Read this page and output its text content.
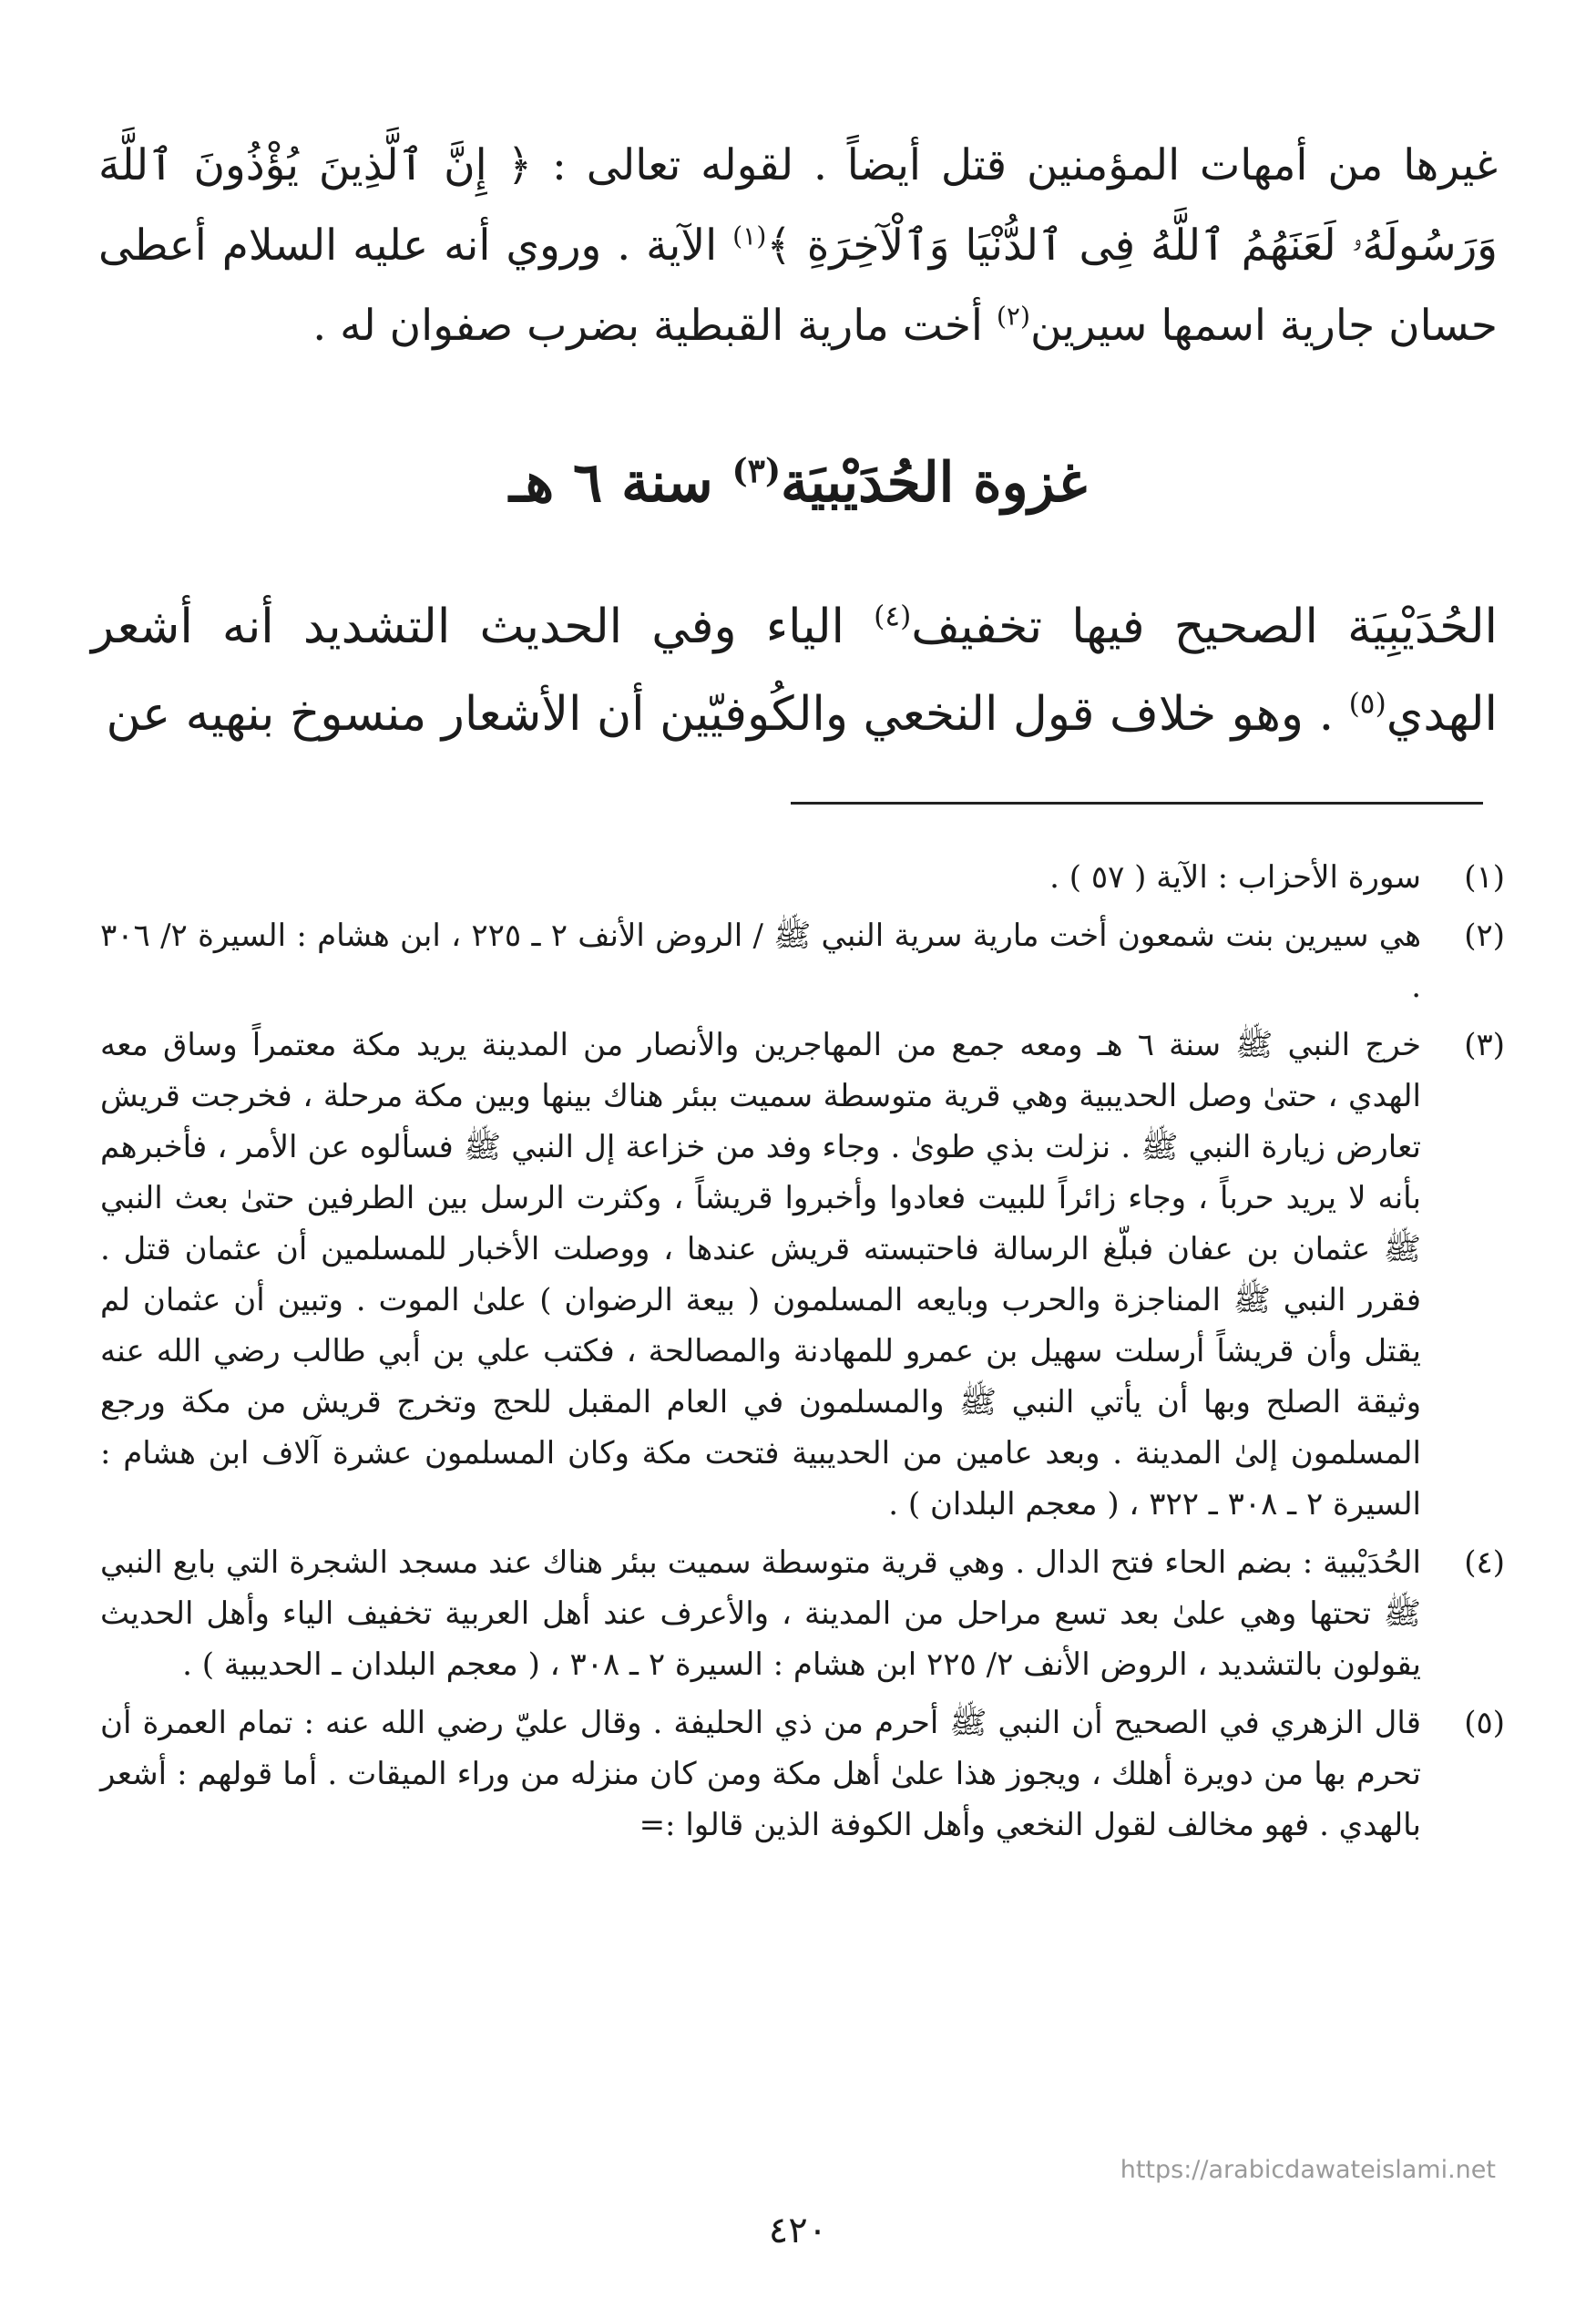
غيرها من أمهات المؤمنين قتل أيضاً . لقوله تعالى : ﴿ إِنَّ ٱلَّذِينَ يُؤْذُونَ ٱللَّهَ وَرَسُولَهُۥ لَعَنَهُمُ ٱللَّهُ فِى ٱلدُّنْيَا وَٱلْآخِرَةِ ﴾$^{(١)}$ الآية . وروي أنه عليه السلام أعطى حسان جارية اسمها سيرين$^{(٢)}$ أخت مارية القبطية بضرب صفوان له .

غزوة الحُدَيْبيَة$^{(٣)}$ سنة ٦ هـ

الحُدَيْبِيَة الصحيح فيها تخفيف$^{(٤)}$ الياء وفي الحديث التشديد أنه أشعر الهدي$^{(٥)}$ . وهو خلاف قول النخعي والكُوفيّين أن الأشعار منسوخ بنهيه عن

(١)
سورة الأحزاب : الآية ( ٥٧ ) .
(٢)
هي سيرين بنت شمعون أخت مارية سرية النبي ﷺ / الروض الأنف ٢ ـ ٢٢٥ ، ابن هشام : السيرة ٢/ ٣٠٦ .
(٣)
خرج النبي ﷺ سنة ٦ هـ ومعه جمع من المهاجرين والأنصار من المدينة يريد مكة معتمراً وساق معه الهدي ، حتىٰ وصل الحديبية وهي قرية متوسطة سميت ببئر هناك بينها وبين مكة مرحلة ، فخرجت قريش تعارض زيارة النبي ﷺ . نزلت بذي طوىٰ . وجاء وفد من خزاعة إل النبي ﷺ فسألوه عن الأمر ، فأخبرهم بأنه لا يريد حرباً ، وجاء زائراً للبيت فعادوا وأخبروا قريشاً ، وكثرت الرسل بين الطرفين حتىٰ بعث النبي ﷺ عثمان بن عفان فبلّغ الرسالة فاحتبسته قريش عندها ، ووصلت الأخبار للمسلمين أن عثمان قتل . فقرر النبي ﷺ المناجزة والحرب وبايعه المسلمون ( بيعة الرضوان ) علىٰ الموت . وتبين أن عثمان لم يقتل وأن قريشاً أرسلت سهيل بن عمرو للمهادنة والمصالحة ، فكتب علي بن أبي طالب رضي الله عنه وثيقة الصلح وبها أن يأتي النبي ﷺ والمسلمون في العام المقبل للحج وتخرج قريش من مكة ورجع المسلمون إلىٰ المدينة . وبعد عامين من الحديبية فتحت مكة وكان المسلمون عشرة آلاف ابن هشام : السيرة ٢ ـ ٣٠٨ ـ ٣٢٢ ، ( معجم البلدان ) .
(٤)
الحُدَيْبية : بضم الحاء فتح الدال . وهي قرية متوسطة سميت ببئر هناك عند مسجد الشجرة التي بايع النبي ﷺ تحتها وهي علىٰ بعد تسع مراحل من المدينة ، والأعرف عند أهل العربية تخفيف الياء وأهل الحديث يقولون بالتشديد ، الروض الأنف ٢/ ٢٢٥ ابن هشام : السيرة ٢ ـ ٣٠٨ ، ( معجم البلدان ـ الحديبية ) .
(٥)
قال الزهري في الصحيح أن النبي ﷺ أحرم من ذي الحليفة . وقال عليّ رضي الله عنه : تمام العمرة أن تحرم بها من دويرة أهلك ، ويجوز هذا علىٰ أهل مكة ومن كان منزله من وراء الميقات . أما قولهم : أشعر بالهدي . فهو مخالف لقول النخعي وأهل الكوفة الذين قالوا :=
https://arabicdawateislami.net
٤٢٠
